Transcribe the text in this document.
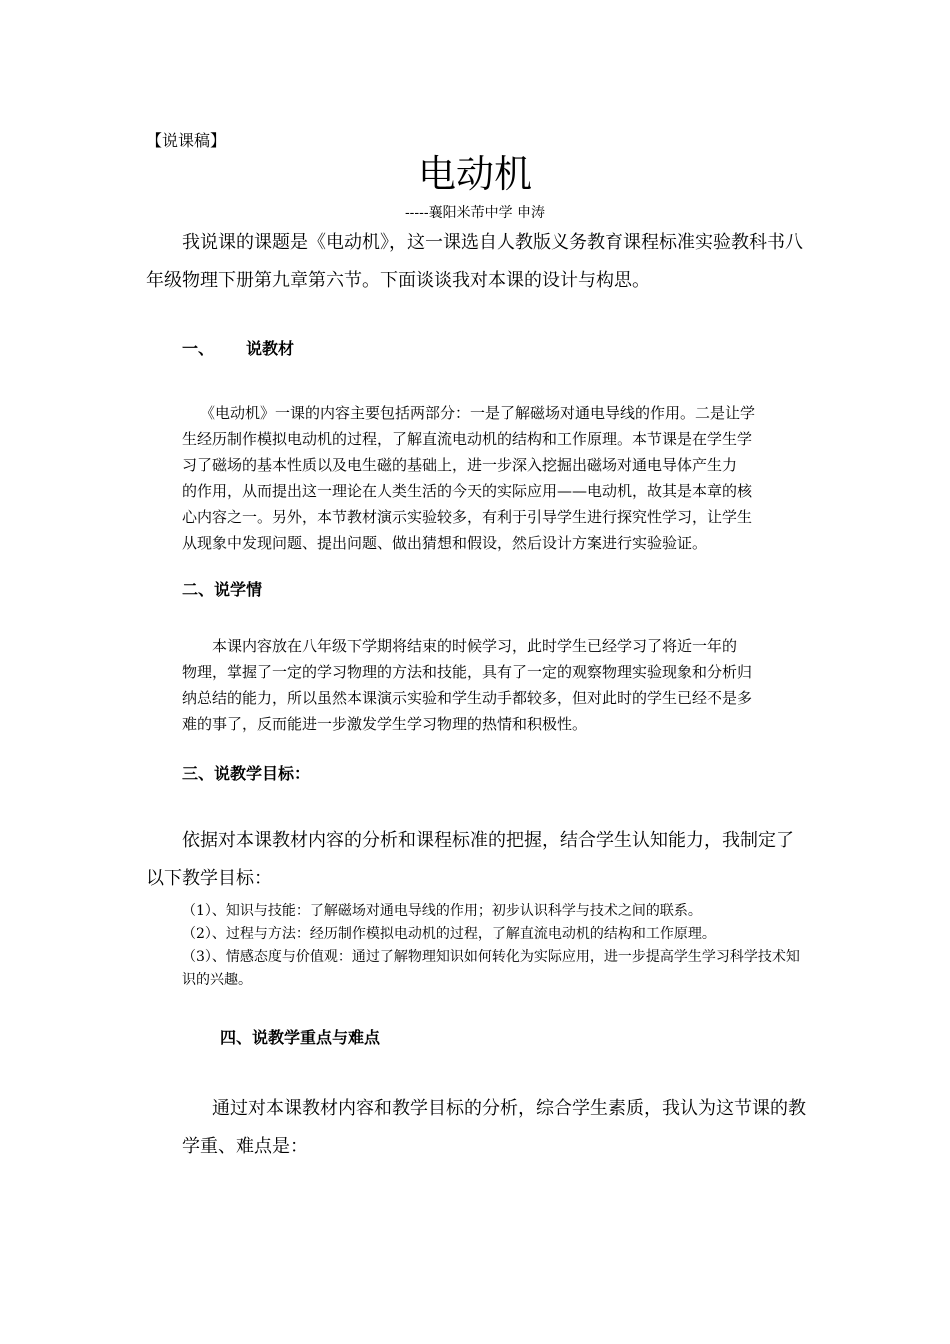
【说课稿】
电动机
-----襄阳米芾中学 申涛

我说课的课题是《电动机》，这一课选自人教版义务教育课程标准实验教科书八年级物理下册第九章第六节。下面谈谈我对本课的设计与构思。

一、 说教材
《电动机》一课的内容主要包括两部分：一是了解磁场对通电导线的作用。二是让学
生经历制作模拟电动机的过程，了解直流电动机的结构和工作原理。本节课是在学生学
习了磁场的基本性质以及电生磁的基础上，进一步深入挖掘出磁场对通电导体产生力
的作用，从而提出这一理论在人类生活的今天的实际应用——电动机，故其是本章的核
心内容之一。另外，本节教材演示实验较多，有利于引导学生进行探究性学习，让学生
从现象中发现问题、提出问题、做出猜想和假设，然后设计方案进行实验验证。
二、说学情
本课内容放在八年级下学期将结束的时候学习，此时学生已经学习了将近一年的
物理，掌握了一定的学习物理的方法和技能，具有了一定的观察物理实验现象和分析归
纳总结的能力，所以虽然本课演示实验和学生动手都较多，但对此时的学生已经不是多
难的事了，反而能进一步激发学生学习物理的热情和积极性。
三、说教学目标：

依据对本课教材内容的分析和课程标准的把握，结合学生认知能力，我制定了以下教学目标：

（1）、知识与技能：了解磁场对通电导线的作用；初步认识科学与技术之间的联系。
（2）、过程与方法：经历制作模拟电动机的过程，了解直流电动机的结构和工作原理。
（3）、情感态度与价值观：通过了解物理知识如何转化为实际应用，进一步提高学生学习科学技术知识的兴趣。
四、说教学重点与难点

通过对本课教材内容和教学目标的分析，综合学生素质，我认为这节课的教学重、难点是：
